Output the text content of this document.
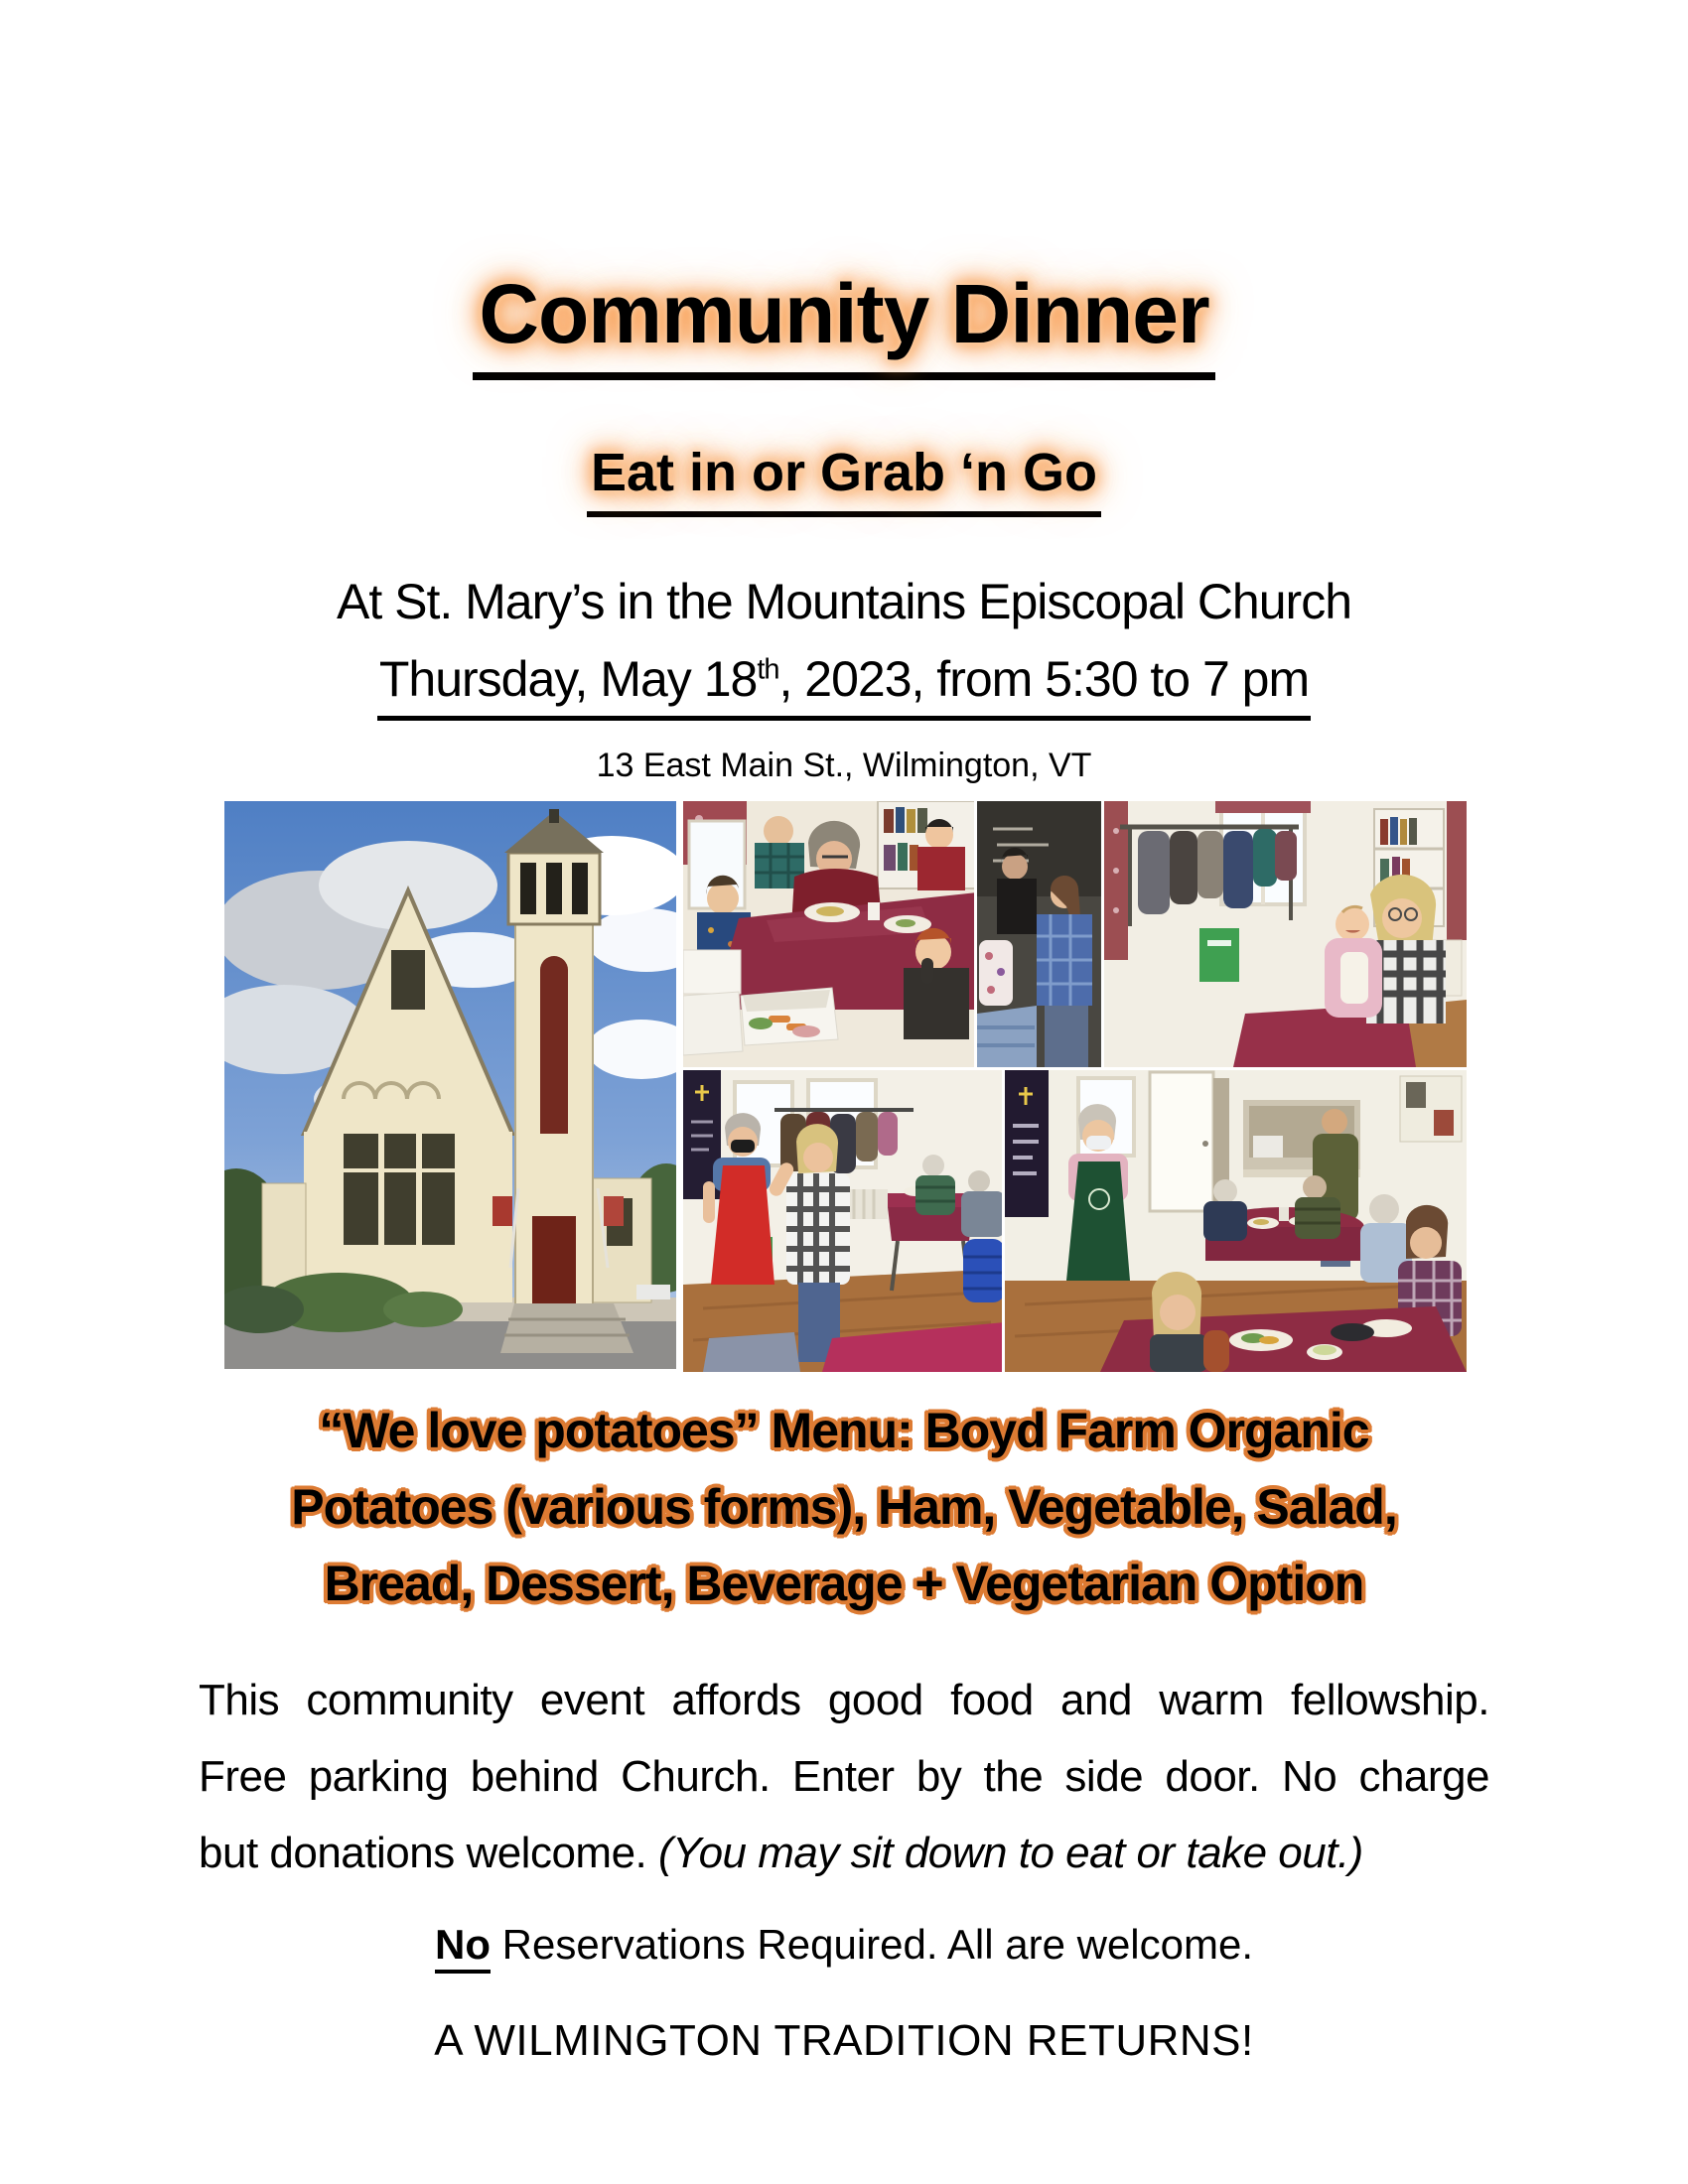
Community Dinner
Eat in or Grab ‘n Go
At St. Mary’s in the Mountains Episcopal Church
Thursday, May 18th, 2023, from 5:30 to 7 pm
13 East Main St., Wilmington, VT
“We love potatoes” Menu: Boyd Farm Organic
Potatoes (various forms), Ham, Vegetable, Salad,
Bread, Dessert, Beverage + Vegetarian Option
This community event affords good food and warm fellowship.
Free parking behind Church. Enter by the side door. No charge
but donations welcome. (You may sit down to eat or take out.)
No Reservations Required. All are welcome.
A WILMINGTON TRADITION RETURNS!
